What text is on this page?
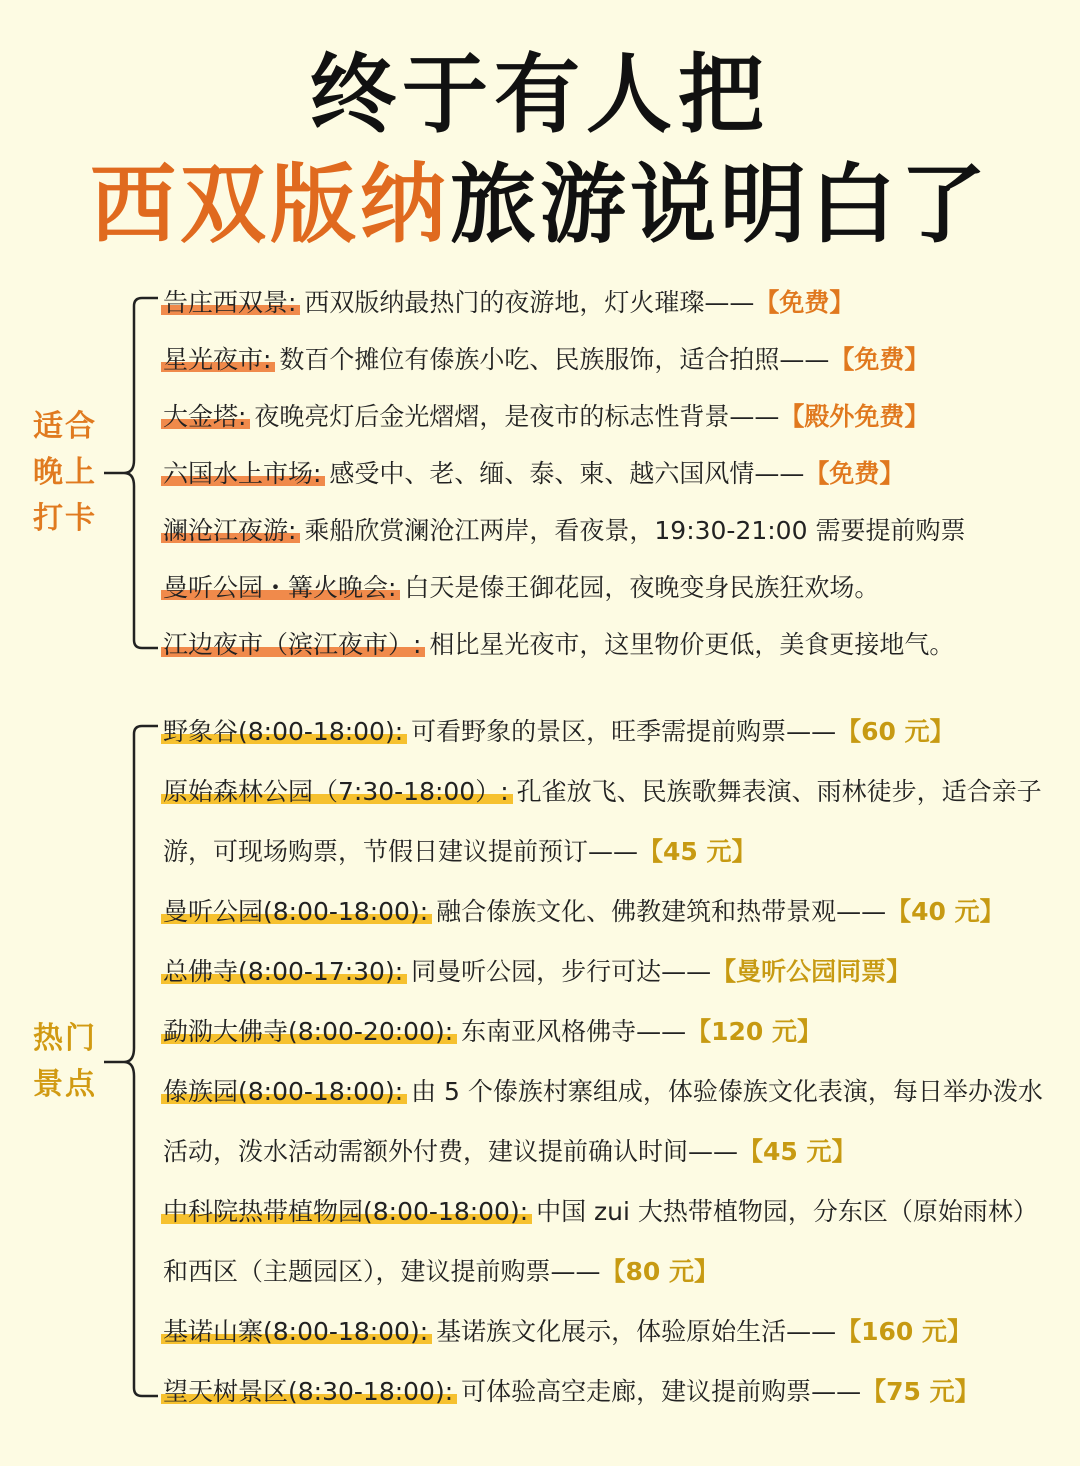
终于有人把
西双版纳旅游说明白了
适合
晚上
打卡
告庄西双景: 西双版纳最热门的夜游地，灯火璀璨——【免费】
星光夜市: 数百个摊位有傣族小吃、民族服饰，适合拍照——【免费】
大金塔: 夜晚亮灯后金光熠熠，是夜市的标志性背景——【殿外免费】
六国水上市场: 感受中、老、缅、泰、柬、越六国风情——【免费】
澜沧江夜游: 乘船欣赏澜沧江两岸，看夜景，19:30-21:00 需要提前购票
曼听公园・篝火晚会: 白天是傣王御花园，夜晚变身民族狂欢场。
江边夜市（滨江夜市）: 相比星光夜市，这里物价更低，美食更接地气。
热门
景点
野象谷(8:00-18:00): 可看野象的景区，旺季需提前购票——【60 元】
原始森林公园（7:30-18:00）: 孔雀放飞、民族歌舞表演、雨林徒步，适合亲子游，可现场购票，节假日建议提前预订——【45 元】
曼听公园(8:00-18:00): 融合傣族文化、佛教建筑和热带景观——【40 元】
总佛寺(8:00-17:30): 同曼听公园，步行可达——【曼听公园同票】
勐泐大佛寺(8:00-20:00): 东南亚风格佛寺——【120 元】
傣族园(8:00-18:00): 由 5 个傣族村寨组成，体验傣族文化表演，每日举办泼水活动，泼水活动需额外付费，建议提前确认时间——【45 元】
中科院热带植物园(8:00-18:00): 中国 zui 大热带植物园，分东区（原始雨林）和西区（主题园区），建议提前购票——【80 元】
基诺山寨(8:00-18:00): 基诺族文化展示，体验原始生活——【160 元】
望天树景区(8:30-18:00): 可体验高空走廊，建议提前购票——【75 元】
